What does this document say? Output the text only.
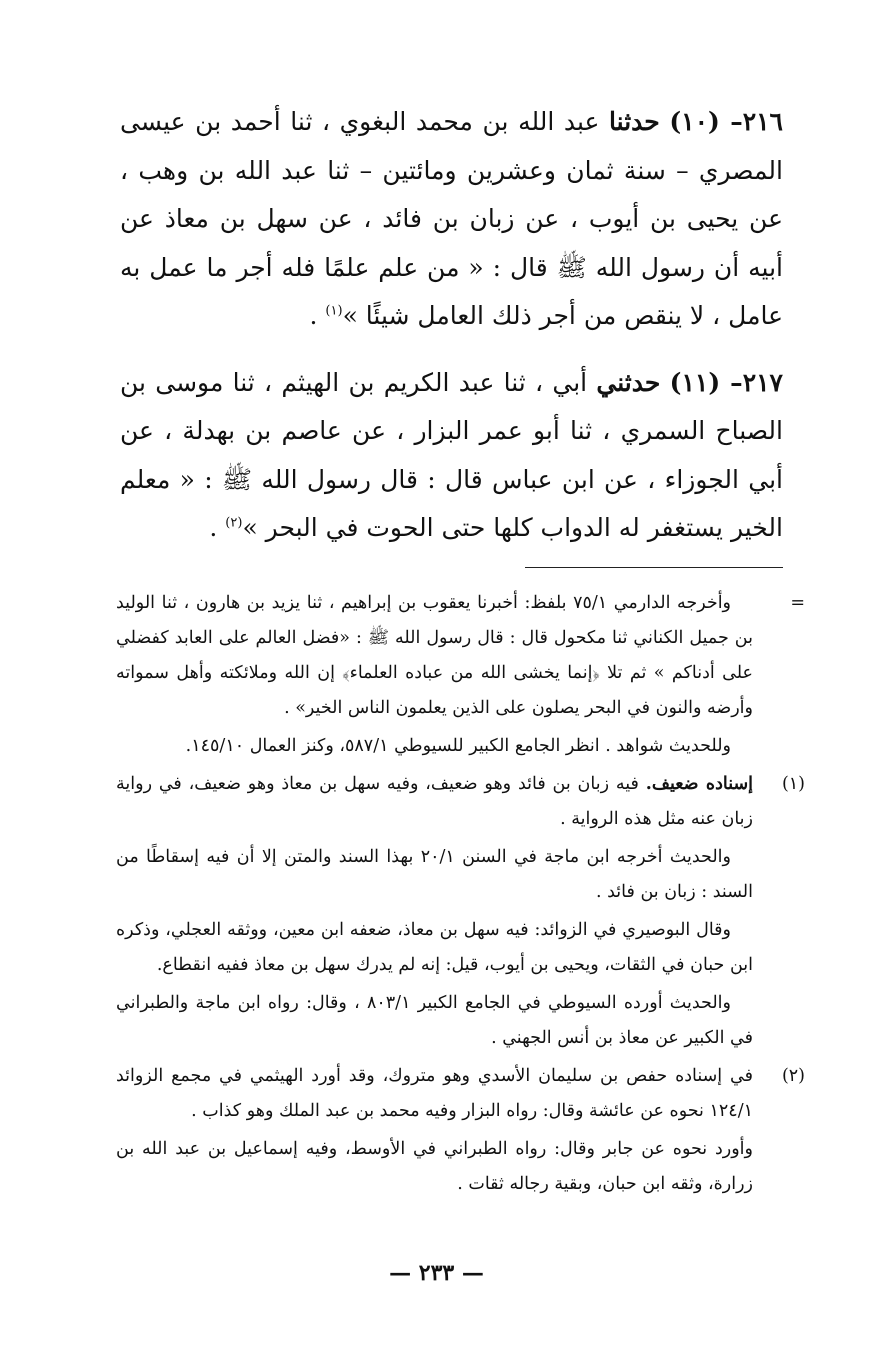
٢١٦– (١٠) حدثنا عبد الله بن محمد البغوي ، ثنا أحمد بن عيسى المصري – سنة ثمان وعشرين ومائتين – ثنا عبد الله بن وهب ، عن يحيى بن أيوب ، عن زبان بن فائد ، عن سهل بن معاذ عن أبيه أن رسول الله ﷺ قال : « من علم علمًا فله أجر ما عمل به عامل ، لا ينقص من أجر ذلك العامل شيئًا »$^{(١)}$ .

٢١٧– (١١) حدثني أبي ، ثنا عبد الكريم بن الهيثم ، ثنا موسى بن الصباح السمري ، ثنا أبو عمر البزار ، عن عاصم بن بهدلة ، عن أبي الجوزاء ، عن ابن عباس قال : قال رسول الله ﷺ : « معلم الخير يستغفر له الدواب كلها حتى الحوت في البحر »$^{(٢)}$ .

=

وأخرجه الدارمي ٧٥/١ بلفظ: أخبرنا يعقوب بن إبراهيم ، ثنا يزيد بن هارون ، ثنا الوليد بن جميل الكناني ثنا مكحول قال : قال رسول الله ﷺ : «فضل العالم على العابد كفضلي على أدناكم » ثم تلا ﴿إنما يخشى الله من عباده العلماء﴾ إن الله وملائكته وأهل سمواته وأرضه والنون في البحر يصلون على الذين يعلمون الناس الخير» .

وللحديث شواهد . انظر الجامع الكبير للسيوطي ٥٨٧/١، وكنز العمال ١٤٥/١٠.

(١)

إسناده ضعيف. فيه زبان بن فائد وهو ضعيف، وفيه سهل بن معاذ وهو ضعيف، في رواية زبان عنه مثل هذه الرواية .

والحديث أخرجه ابن ماجة في السنن ٢٠/١ بهذا السند والمتن إلا أن فيه إسقاطًا من السند : زبان بن فائد .

وقال البوصيري في الزوائد: فيه سهل بن معاذ، ضعفه ابن معين، ووثقه العجلي، وذكره ابن حبان في الثقات، ويحيى بن أيوب، قيل: إنه لم يدرك سهل بن معاذ ففيه انقطاع.

والحديث أورده السيوطي في الجامع الكبير ٨٠٣/١ ، وقال: رواه ابن ماجة والطبراني في الكبير عن معاذ بن أنس الجهني .

(٢)

في إسناده حفص بن سليمان الأسدي وهو متروك، وقد أورد الهيثمي في مجمع الزوائد ١٢٤/١ نحوه عن عائشة وقال: رواه البزار وفيه محمد بن عبد الملك وهو كذاب .

وأورد نحوه عن جابر وقال: رواه الطبراني في الأوسط، وفيه إسماعيل بن عبد الله بن زرارة، وثقه ابن حبان، وبقية رجاله ثقات .

— ٢٣٣ —
